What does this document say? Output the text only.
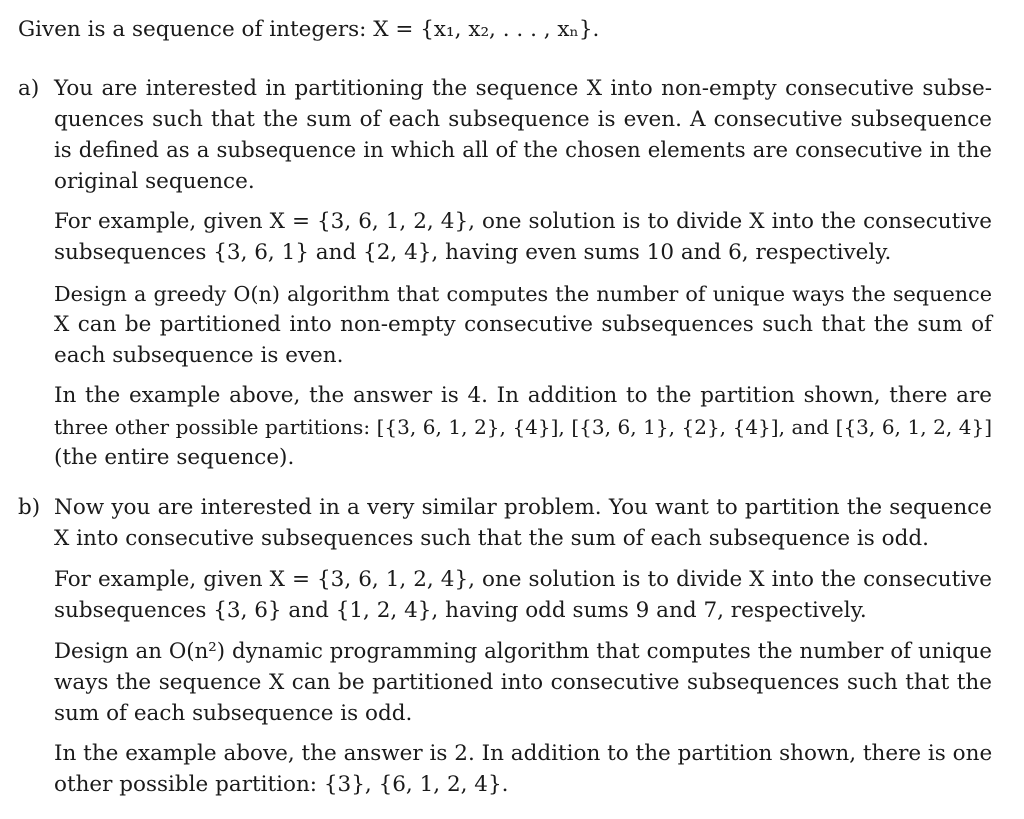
Given is a sequence of integers: X = {x₁, x₂, . . . , xₙ}.
a) You are interested in partitioning the sequence X into non-empty consecutive subse-
quences such that the sum of each subsequence is even. A consecutive subsequence
is defined as a subsequence in which all of the chosen elements are consecutive in the
original sequence.
For example, given X = {3, 6, 1, 2, 4}, one solution is to divide X into the consecutive
subsequences {3, 6, 1} and {2, 4}, having even sums 10 and 6, respectively.
Design a greedy O(n) algorithm that computes the number of unique ways the sequence
X can be partitioned into non-empty consecutive subsequences such that the sum of
each subsequence is even.
In the example above, the answer is 4. In addition to the partition shown, there are
three other possible partitions: [{3, 6, 1, 2}, {4}], [{3, 6, 1}, {2}, {4}], and [{3, 6, 1, 2, 4}]
(the entire sequence).
b) Now you are interested in a very similar problem. You want to partition the sequence
X into consecutive subsequences such that the sum of each subsequence is odd.
For example, given X = {3, 6, 1, 2, 4}, one solution is to divide X into the consecutive
subsequences {3, 6} and {1, 2, 4}, having odd sums 9 and 7, respectively.
Design an O(n²) dynamic programming algorithm that computes the number of unique
ways the sequence X can be partitioned into consecutive subsequences such that the
sum of each subsequence is odd.
In the example above, the answer is 2. In addition to the partition shown, there is one
other possible partition: {3}, {6, 1, 2, 4}.
